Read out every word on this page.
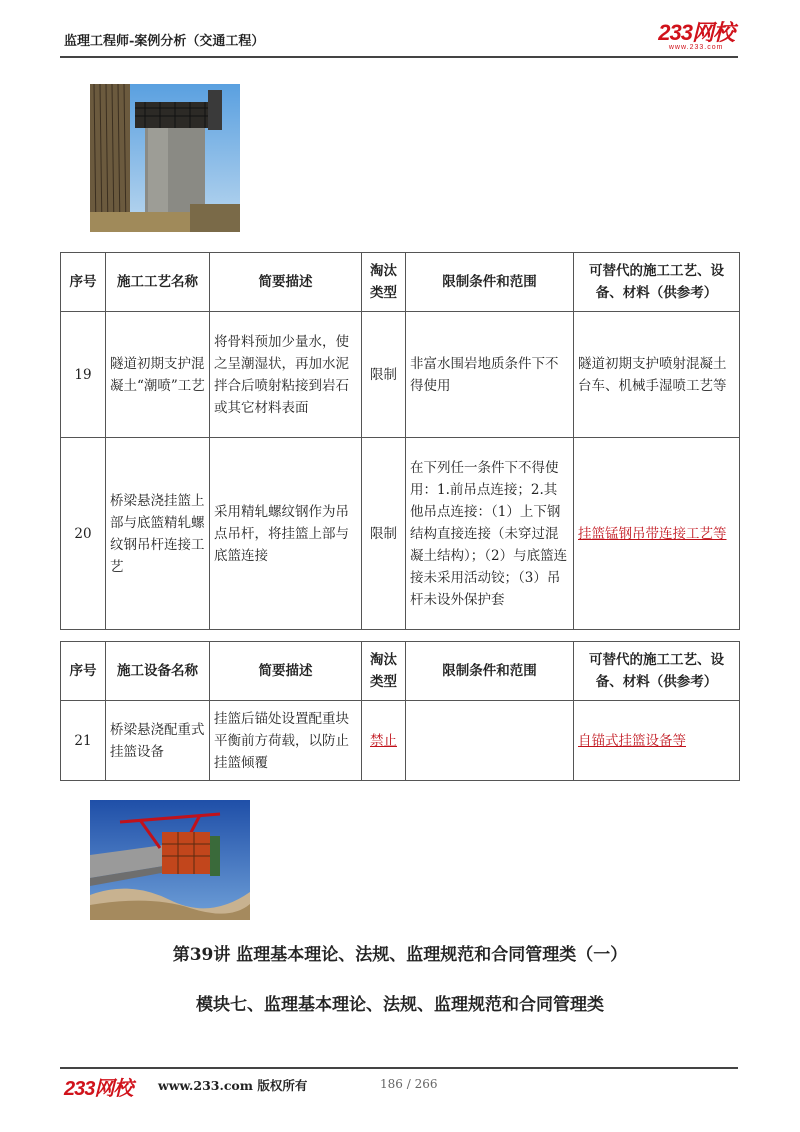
监理工程师-案例分析（交通工程）	233网校
www.233.com
序号	施工工艺名称	简要描述	淘汰类型	限制条件和范围	可替代的施工工艺、设备、材料（供参考）
19	隧道初期支护混凝土“潮喷”工艺	将骨料预加少量水，使之呈潮湿状，再加水泥拌合后喷射粘接到岩石或其它材料表面	限制	非富水围岩地质条件下不得使用	隧道初期支护喷射混凝土台车、机械手湿喷工艺等
20	桥梁悬浇挂篮上部与底篮精轧螺纹钢吊杆连接工艺	采用精轧螺纹钢作为吊点吊杆，将挂篮上部与底篮连接	限制	在下列任一条件下不得使用：1.前吊点连接；2.其他吊点连接：（1）上下钢结构直接连接（未穿过混凝土结构）；（2）与底篮连接未采用活动铰；（3）吊杆未设外保护套	挂篮锰钢吊带连接工艺等
序号	施工设备名称	简要描述	淘汰类型	限制条件和范围	可替代的施工工艺、设备、材料（供参考）
21	桥梁悬浇配重式挂篮设备	挂篮后锚处设置配重块平衡前方荷载，以防止挂篮倾覆	禁止		自锚式挂篮设备等
第39讲 监理基本理论、法规、监理规范和合同管理类（一）
模块七、监理基本理论、法规、监理规范和合同管理类
233网校 www.233.com 版权所有	186 / 266
